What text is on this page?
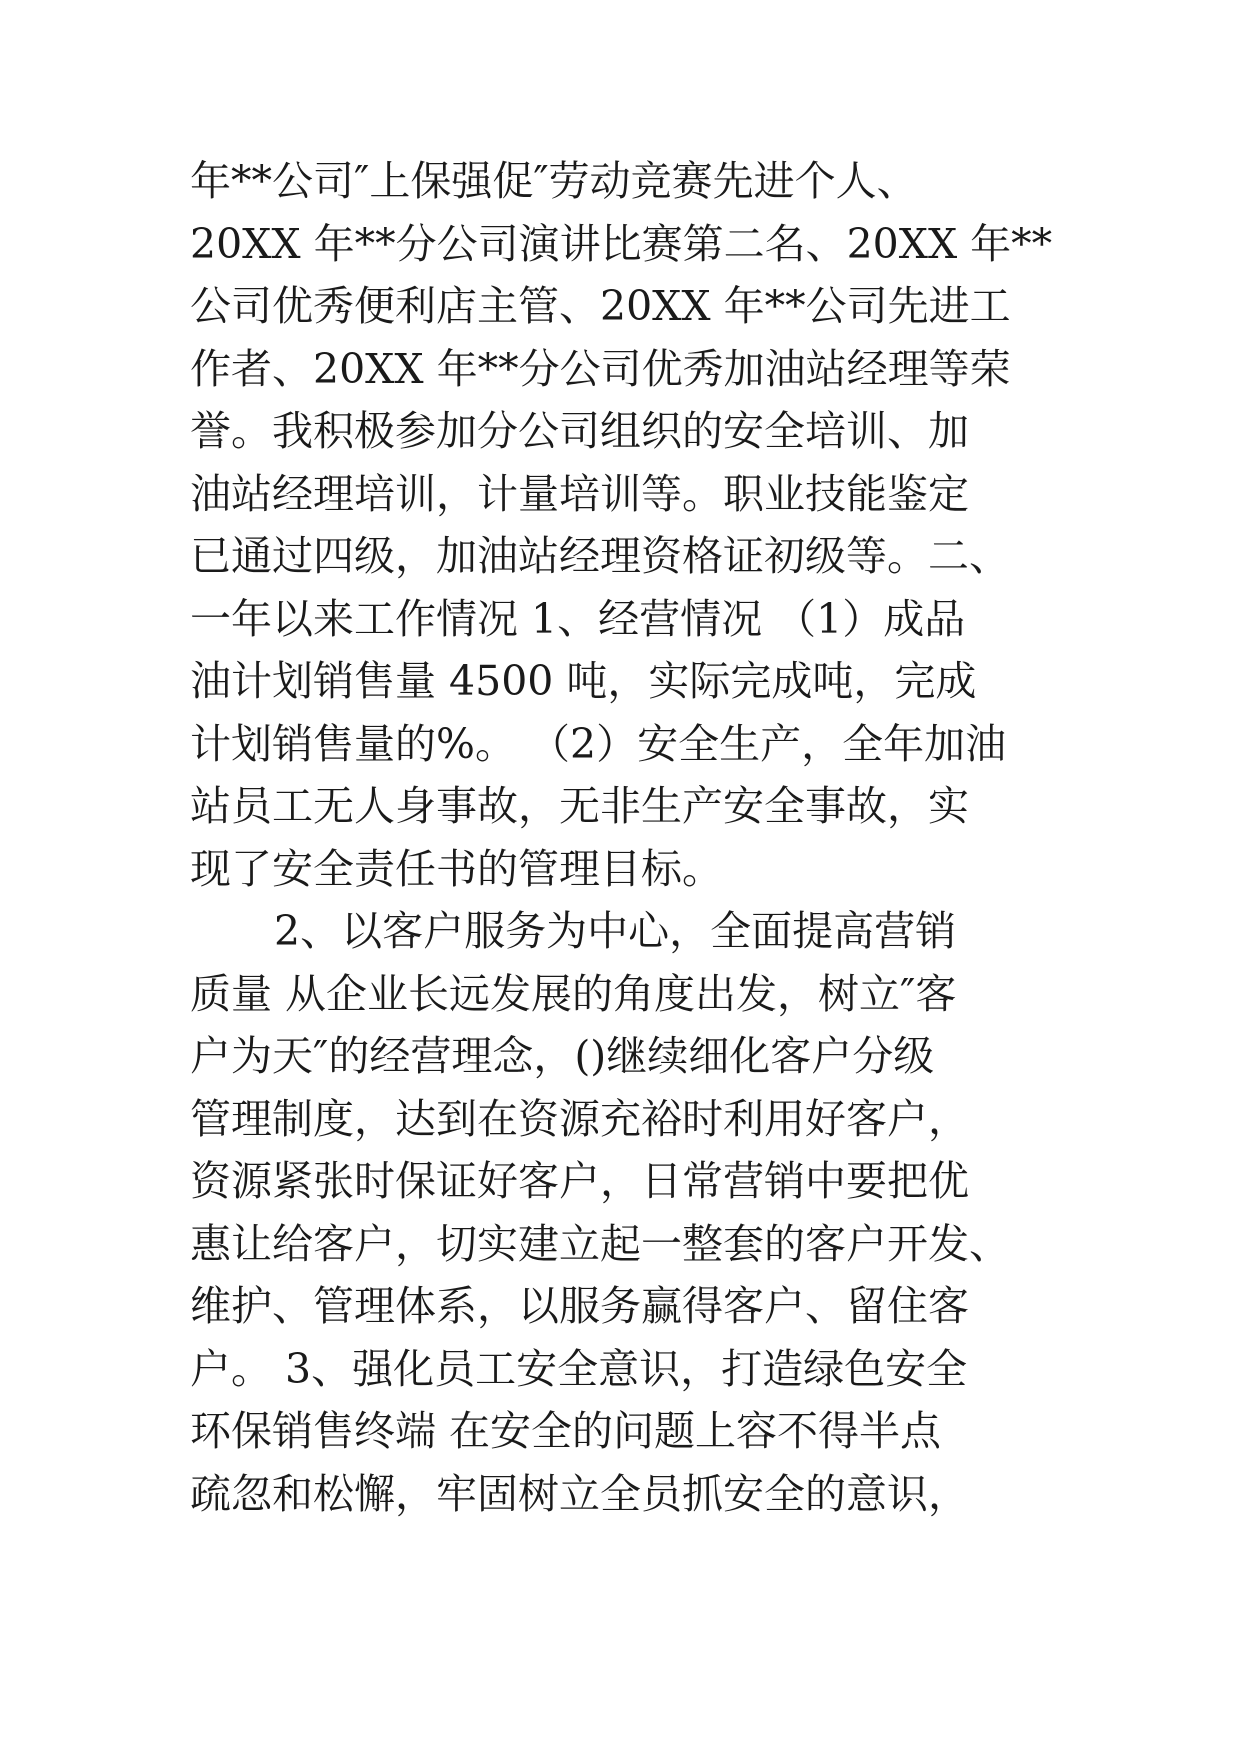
年**公司″上保强促″劳动竞赛先进个人、
20XX 年**分公司演讲比赛第二名、20XX 年**
公司优秀便利店主管、20XX 年**公司先进工
作者、20XX 年**分公司优秀加油站经理等荣
誉。我积极参加分公司组织的安全培训、加
油站经理培训，计量培训等。职业技能鉴定
已通过四级，加油站经理资格证初级等。二、
一年以来工作情况 1、经营情况 （1）成品
油计划销售量 4500 吨，实际完成吨，完成
计划销售量的%。 （2）安全生产，全年加油
站员工无人身事故，无非生产安全事故，实
现了安全责任书的管理目标。
2、以客户服务为中心，全面提高营销
质量 从企业长远发展的角度出发，树立″客
户为天″的经营理念，()继续细化客户分级
管理制度，达到在资源充裕时利用好客户，
资源紧张时保证好客户，日常营销中要把优
惠让给客户，切实建立起一整套的客户开发、
维护、管理体系，以服务赢得客户、留住客
户。 3、强化员工安全意识，打造绿色安全
环保销售终端 在安全的问题上容不得半点
疏忽和松懈，牢固树立全员抓安全的意识，
